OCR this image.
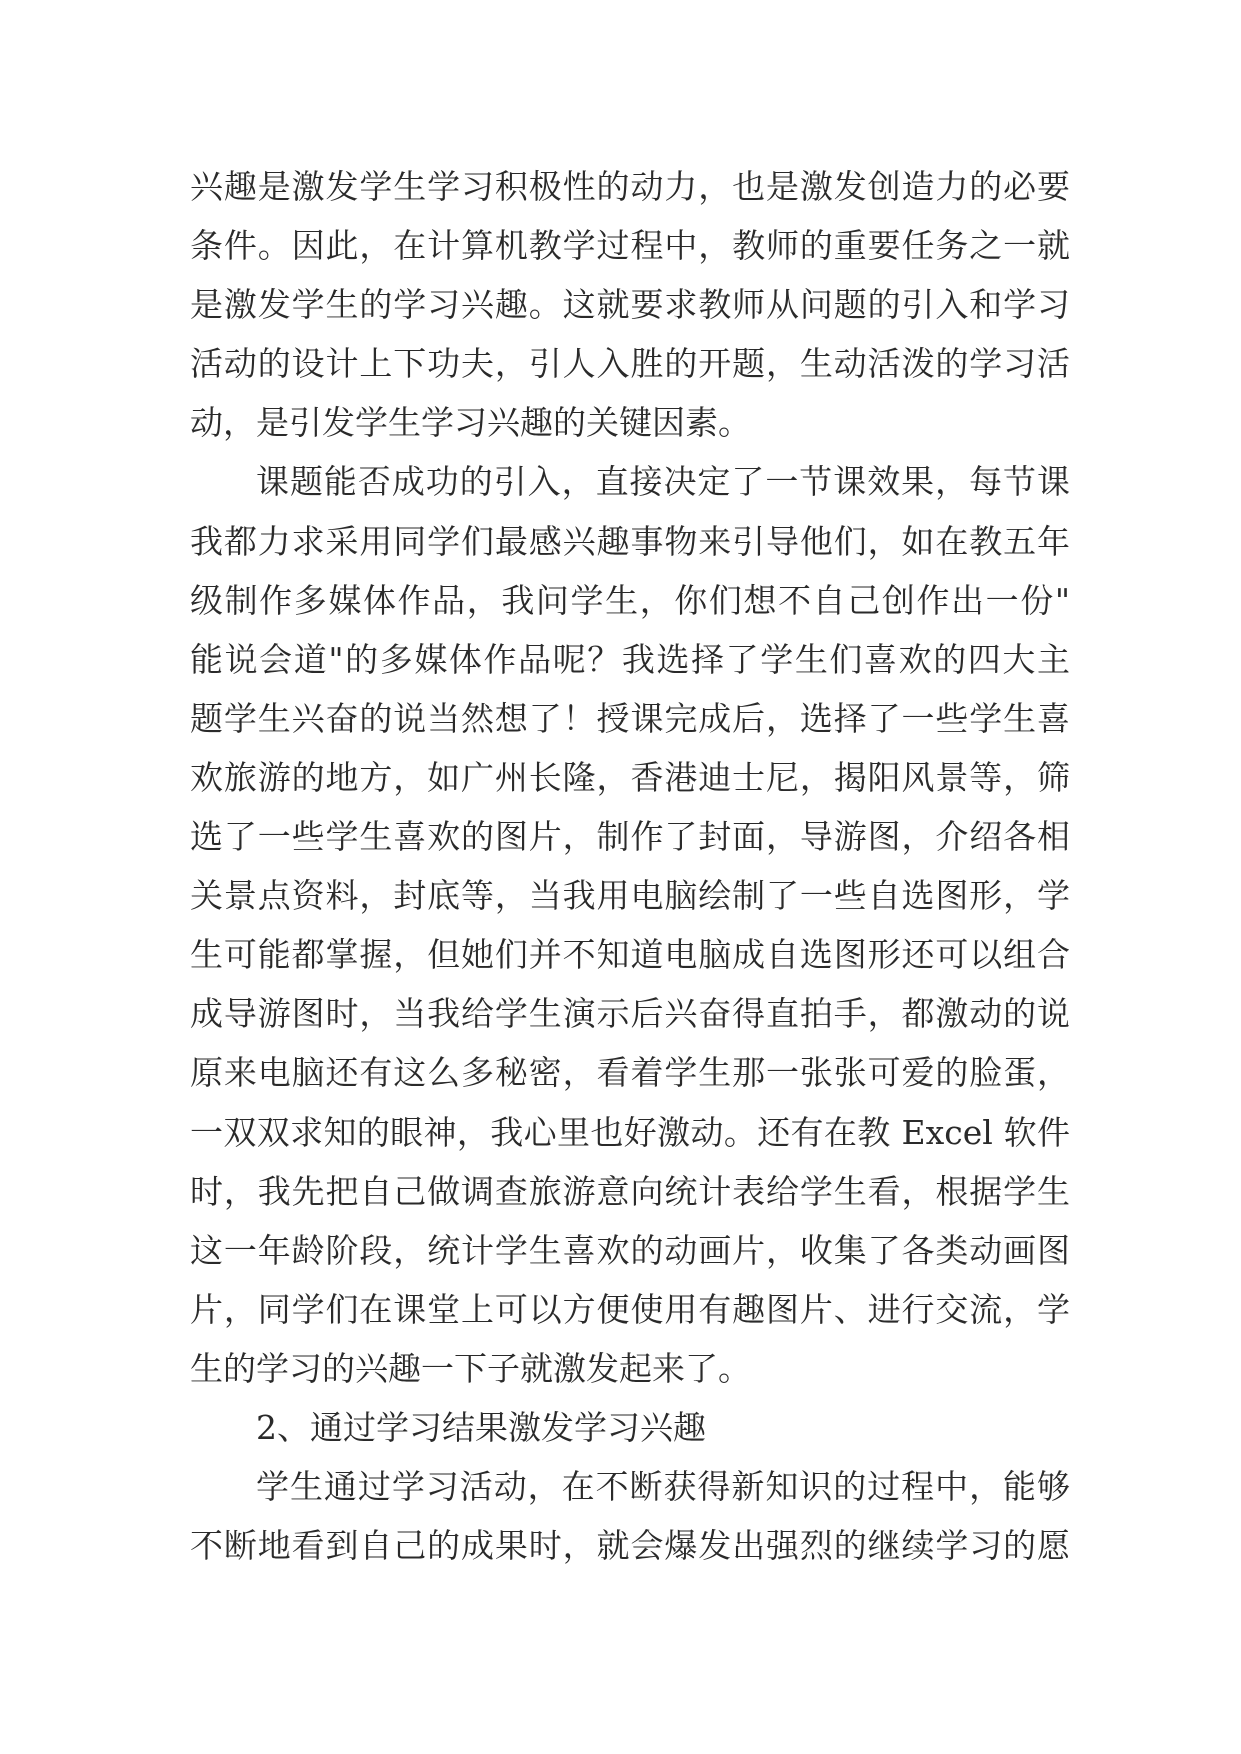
兴趣是激发学生学习积极性的动力，也是激发创造力的必要
条件。因此，在计算机教学过程中，教师的重要任务之一就
是激发学生的学习兴趣。这就要求教师从问题的引入和学习
活动的设计上下功夫，引人入胜的开题，生动活泼的学习活
动，是引发学生学习兴趣的关键因素。
课题能否成功的引入，直接决定了一节课效果，每节课
我都力求采用同学们最感兴趣事物来引导他们，如在教五年
级制作多媒体作品，我问学生，你们想不自己创作出一份"
能说会道"的多媒体作品呢？我选择了学生们喜欢的四大主
题学生兴奋的说当然想了！授课完成后，选择了一些学生喜
欢旅游的地方，如广州长隆，香港迪士尼，揭阳风景等，筛
选了一些学生喜欢的图片，制作了封面，导游图，介绍各相
关景点资料，封底等，当我用电脑绘制了一些自选图形，学
生可能都掌握，但她们并不知道电脑成自选图形还可以组合
成导游图时，当我给学生演示后兴奋得直拍手，都激动的说
原来电脑还有这么多秘密，看着学生那一张张可爱的脸蛋，
一双双求知的眼神，我心里也好激动。还有在教 Excel 软件
时，我先把自己做调查旅游意向统计表给学生看，根据学生
这一年龄阶段，统计学生喜欢的动画片，收集了各类动画图
片，同学们在课堂上可以方便使用有趣图片、进行交流，学
生的学习的兴趣一下子就激发起来了。
2、通过学习结果激发学习兴趣
学生通过学习活动，在不断获得新知识的过程中，能够
不断地看到自己的成果时，就会爆发出强烈的继续学习的愿
